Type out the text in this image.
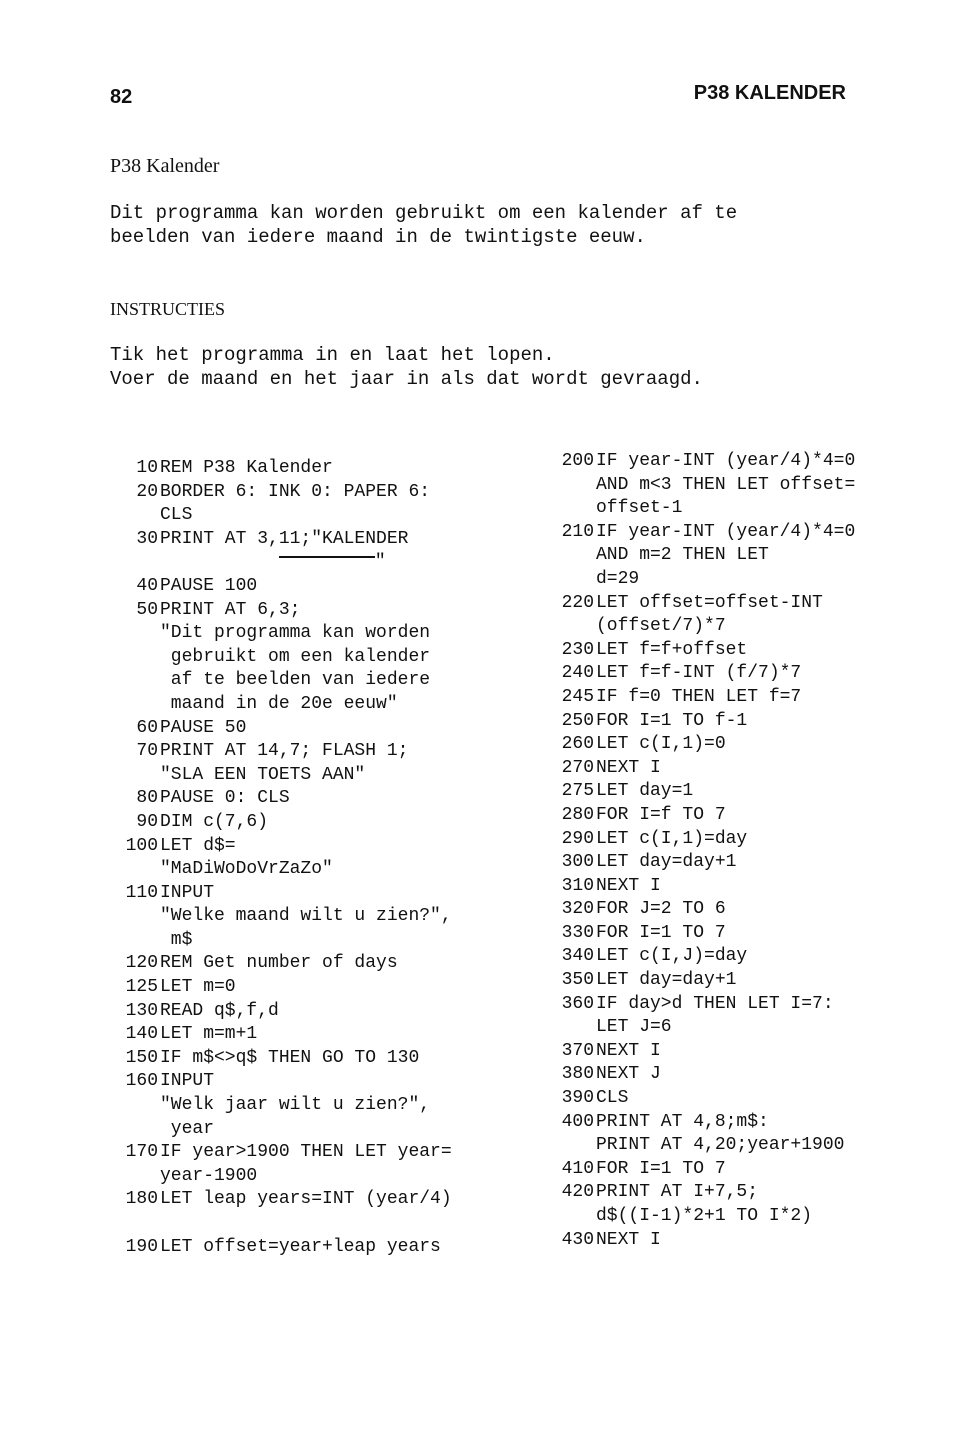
82	P38 KALENDER
P38 Kalender
Dit programma kan worden gebruikt om een kalender af te
beelden van iedere maand in de twintigste eeuw.
INSTRUCTIES
Tik het programma in en laat het lopen.
Voer de maand en het jaar in als dat wordt gevraagd.
10 REM P38 Kalender
20 BORDER 6: INK 0: PAPER 6:
CLS
30 PRINT AT 3,11;"KALENDER
"
40 PAUSE 100
50 PRINT AT 6,3;
"Dit programma kan worden
gebruikt om een kalender
af te beelden van iedere
maand in de 20e eeuw"
60 PAUSE 50
70 PRINT AT 14,7; FLASH 1;
"SLA EEN TOETS AAN"
80 PAUSE 0: CLS
90 DIM c(7,6)
100 LET d$=
"MaDiWoDoVrZaZo"
110 INPUT
"Welke maand wilt u zien?",
m$
120 REM Get number of days
125 LET m=0
130 READ q$,f,d
140 LET m=m+1
150 IF m$<>q$ THEN GO TO 130
160 INPUT
"Welk jaar wilt u zien?",
year
170 IF year>1900 THEN LET year=
year-1900
180 LET leap years=INT (year/4)
190 LET offset=year+leap years
200 IF year-INT (year/4)*4=0
AND m<3 THEN LET offset=
offset-1
210 IF year-INT (year/4)*4=0
AND m=2 THEN LET
d=29
220 LET offset=offset-INT
(offset/7)*7
230 LET f=f+offset
240 LET f=f-INT (f/7)*7
245 IF f=0 THEN LET f=7
250 FOR I=1 TO f-1
260 LET c(I,1)=0
270 NEXT I
275 LET day=1
280 FOR I=f TO 7
290 LET c(I,1)=day
300 LET day=day+1
310 NEXT I
320 FOR J=2 TO 6
330 FOR I=1 TO 7
340 LET c(I,J)=day
350 LET day=day+1
360 IF day>d THEN LET I=7:
LET J=6
370 NEXT I
380 NEXT J
390 CLS
400 PRINT AT 4,8;m$:
PRINT AT 4,20;year+1900
410 FOR I=1 TO 7
420 PRINT AT I+7,5;
d$((I-1)*2+1 TO I*2)
430 NEXT I
